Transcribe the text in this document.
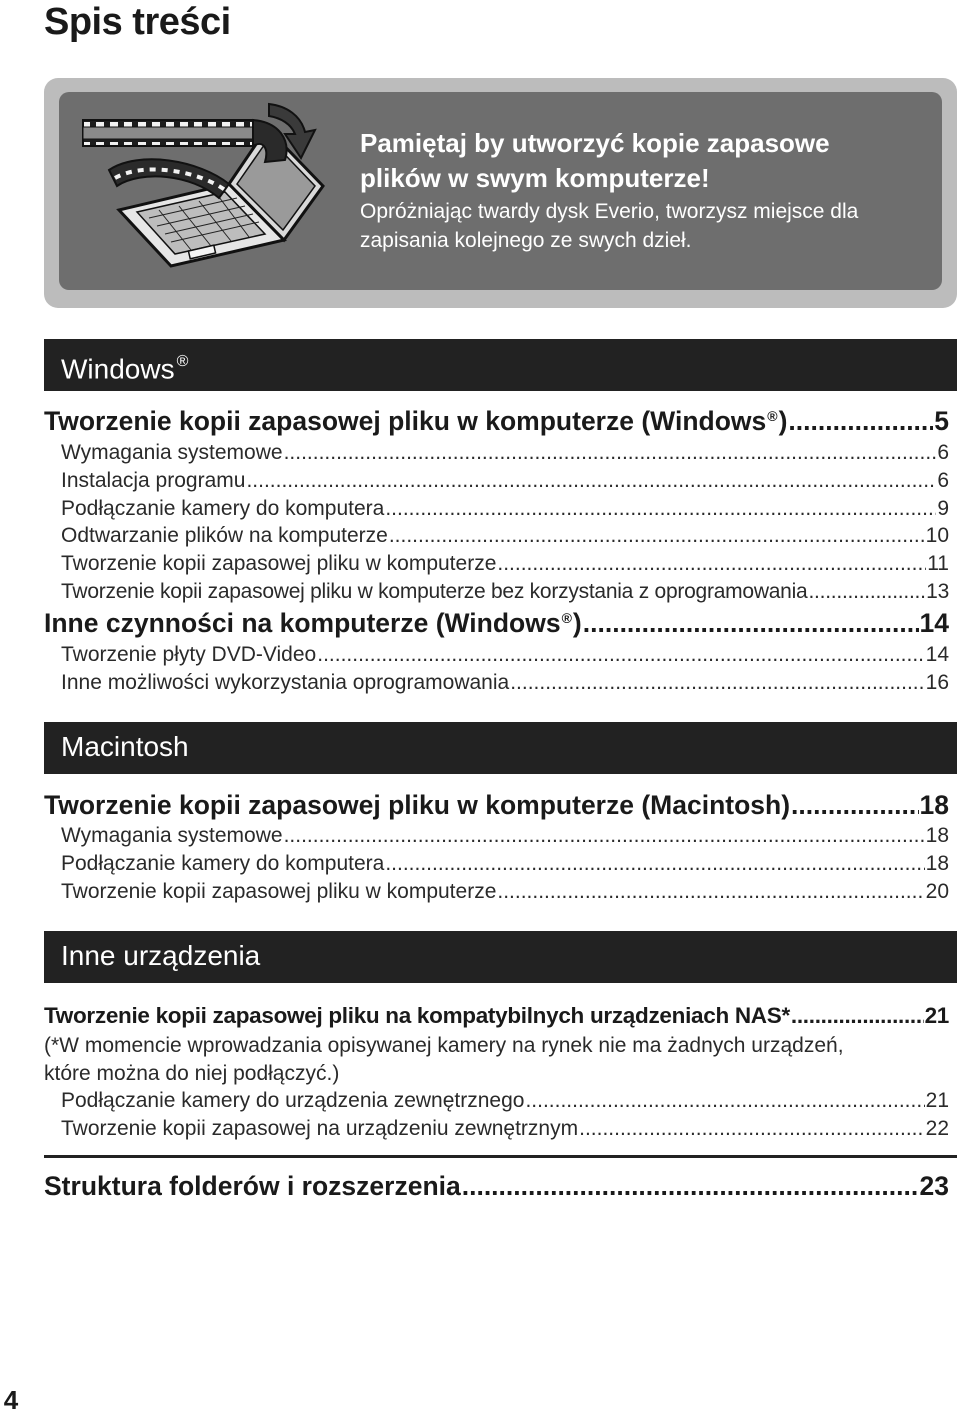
Spis treści
Pamiętaj by utworzyć kopie zapasowe
plików w swym komputerze!
Opróżniając twardy dysk Everio, tworzysz miejsce dla
zapisania kolejnego ze swych dzieł.
Windows ®
Tworzenie kopii zapasowej pliku w komputerze (Windows®) .....	5
Wymagania systemowe .....	6
Instalacja programu .....	6
Podłączanie kamery do komputera .....	9
Odtwarzanie plików na komputerze .....	10
Tworzenie kopii zapasowej pliku w komputerze .....	11
Tworzenie kopii zapasowej pliku w komputerze bez korzystania z oprogramowania .....	13
Inne czynności na komputerze (Windows®) .....	14
Tworzenie płyty DVD-Video .....	14
Inne możliwości wykorzystania oprogramowania .....	16
Macintosh
Tworzenie kopii zapasowej pliku w komputerze (Macintosh) .....	18
Wymagania systemowe .....	18
Podłączanie kamery do komputera .....	18
Tworzenie kopii zapasowej pliku w komputerze .....	20
Inne urządzenia
Tworzenie kopii zapasowej pliku na kompatybilnych urządzeniach NAS* .....	21
(*W momencie wprowadzania opisywanej kamery na rynek nie ma żadnych urządzeń,
które można do niej podłączyć.)
Podłączanie kamery do urządzenia zewnętrznego .....	21
Tworzenie kopii zapasowej na urządzeniu zewnętrznym .....	22
Struktura folderów i rozszerzenia .....	23
4
